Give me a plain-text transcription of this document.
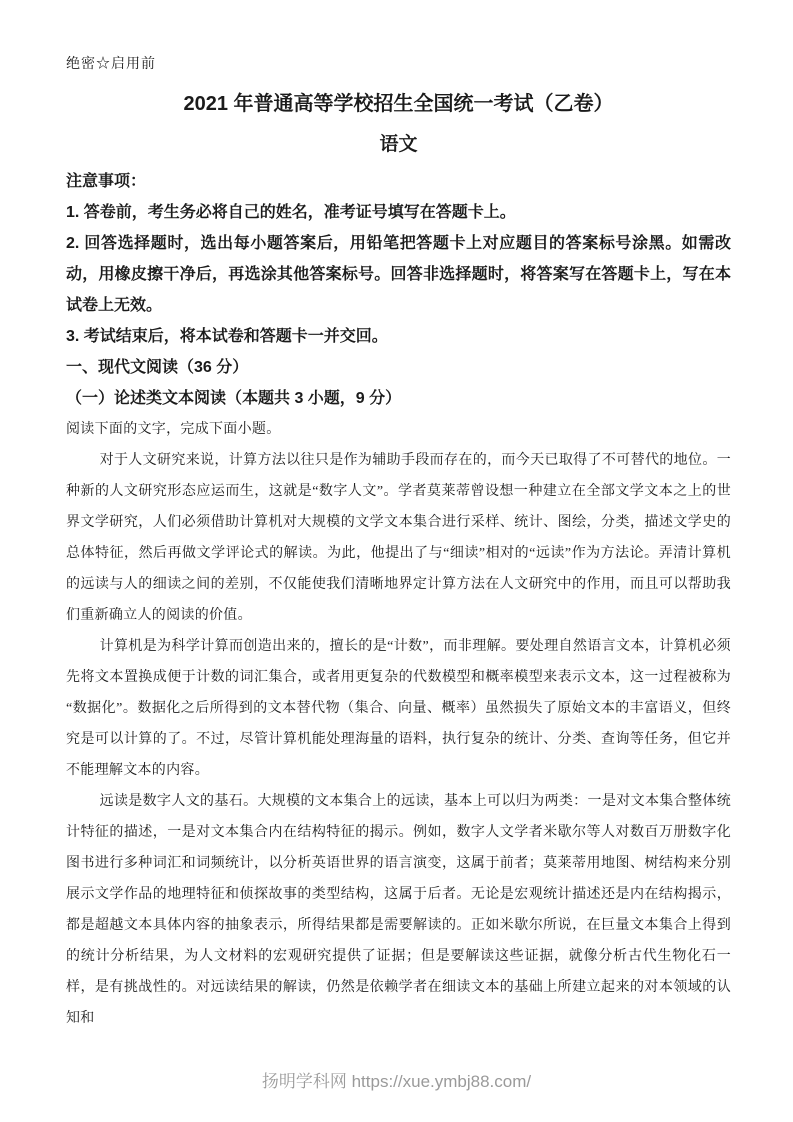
绝密☆启用前
2021 年普通高等学校招生全国统一考试（乙卷）
语文

注意事项：

1. 答卷前，考生务必将自己的姓名，准考证号填写在答题卡上。

2. 回答选择题时，选出每小题答案后，用铅笔把答题卡上对应题目的答案标号涂黑。如需改动，用橡皮擦干净后，再选涂其他答案标号。回答非选择题时，将答案写在答题卡上，写在本试卷上无效。

3. 考试结束后，将本试卷和答题卡一并交回。

一、现代文阅读（36 分）

（一）论述类文本阅读（本题共 3 小题，9 分）

阅读下面的文字，完成下面小题。

对于人文研究来说，计算方法以往只是作为辅助手段而存在的，而今天已取得了不可替代的地位。一种新的人文研究形态应运而生，这就是“数字人文”。学者莫莱蒂曾设想一种建立在全部文学文本之上的世界文学研究，人们必须借助计算机对大规模的文学文本集合进行采样、统计、图绘，分类，描述文学史的总体特征，然后再做文学评论式的解读。为此，他提出了与“细读”相对的“远读”作为方法论。弄清计算机的远读与人的细读之间的差别，不仅能使我们清晰地界定计算方法在人文研究中的作用，而且可以帮助我们重新确立人的阅读的价值。

计算机是为科学计算而创造出来的，擅长的是“计数”，而非理解。要处理自然语言文本，计算机必须先将文本置换成便于计数的词汇集合，或者用更复杂的代数模型和概率模型来表示文本，这一过程被称为“数据化”。数据化之后所得到的文本替代物（集合、向量、概率）虽然损失了原始文本的丰富语义，但终究是可以计算的了。不过，尽管计算机能处理海量的语料，执行复杂的统计、分类、查询等任务，但它并不能理解文本的内容。

远读是数字人文的基石。大规模的文本集合上的远读，基本上可以归为两类：一是对文本集合整体统计特征的描述，一是对文本集合内在结构特征的揭示。例如，数字人文学者米歇尔等人对数百万册数字化图书进行多种词汇和词频统计，以分析英语世界的语言演变，这属于前者；莫莱蒂用地图、树结构来分别展示文学作品的地理特征和侦探故事的类型结构，这属于后者。无论是宏观统计描述还是内在结构揭示，都是超越文本具体内容的抽象表示，所得结果都是需要解读的。正如米歇尔所说，在巨量文本集合上得到的统计分析结果，为人文材料的宏观研究提供了证据；但是要解读这些证据，就像分析古代生物化石一样，是有挑战性的。对远读结果的解读，仍然是依赖学者在细读文本的基础上所建立起来的对本领域的认知和

扬明学科网 https://xue.ymbj88.com/
